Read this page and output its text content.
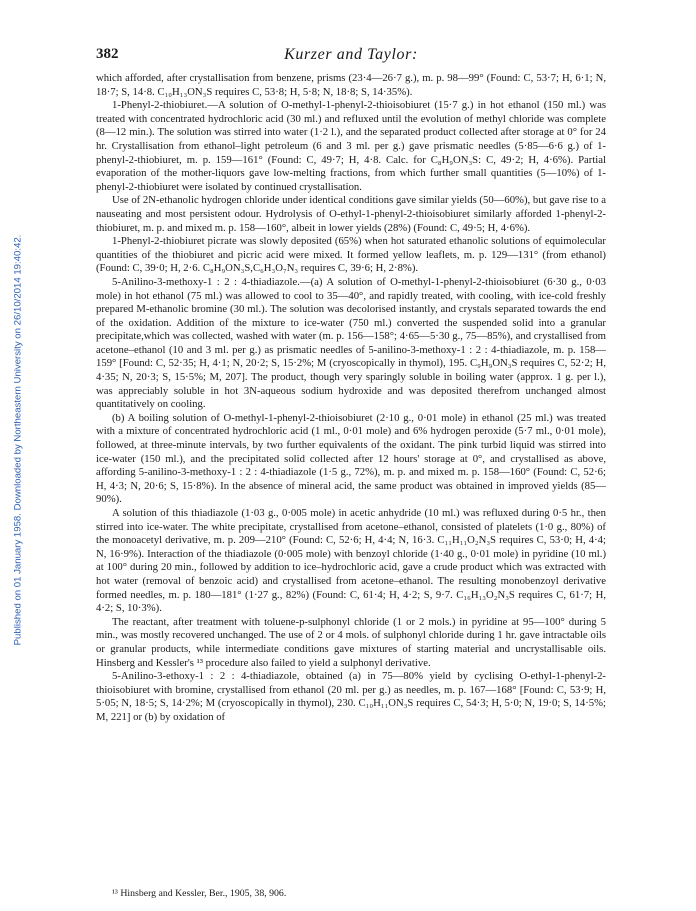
382	Kurzer and Taylor:
Published on 01 January 1958. Downloaded by Northeastern University on 26/10/2014 19:40:42.

which afforded, after crystallisation from benzene, prisms (23·4—26·7 g.), m. p. 98—99° (Found: C, 53·7; H, 6·1; N, 18·7; S, 14·8. C₁₀H₁₃ON₃S requires C, 53·8; H, 5·8; N, 18·8; S, 14·35%).

1-Phenyl-2-thiobiuret.—A solution of O-methyl-1-phenyl-2-thioisobiuret (15·7 g.) in hot ethanol (150 ml.) was treated with concentrated hydrochloric acid (30 ml.) and refluxed until the evolution of methyl chloride was complete (8—12 min.). The solution was stirred into water (1·2 l.), and the separated product collected after storage at 0° for 24 hr. Crystallisation from ethanol–light petroleum (6 and 3 ml. per g.) gave prismatic needles (5·85—6·6 g.) of 1-phenyl-2-thiobiuret, m. p. 159—161° (Found: C, 49·7; H, 4·8. Calc. for C₈H₉ON₃S: C, 49·2; H, 4·6%). Partial evaporation of the mother-liquors gave low-melting fractions, from which further small quantities (5—10%) of 1-phenyl-2-thiobiuret were isolated by continued crystallisation.

Use of 2N-ethanolic hydrogen chloride under identical conditions gave similar yields (50—60%), but gave rise to a nauseating and most persistent odour. Hydrolysis of O-ethyl-1-phenyl-2-thioisobiuret similarly afforded 1-phenyl-2-thiobiuret, m. p. and mixed m. p. 158—160°, albeit in lower yields (28%) (Found: C, 49·5; H, 4·6%).

1-Phenyl-2-thiobiuret picrate was slowly deposited (65%) when hot saturated ethanolic solutions of equimolecular quantities of the thiobiuret and picric acid were mixed. It formed yellow leaflets, m. p. 129—131° (from ethanol) (Found: C, 39·0; H, 2·6. C₈H₉ON₃S,C₆H₃O₇N₃ requires C, 39·6; H, 2·8%).

5-Anilino-3-methoxy-1 : 2 : 4-thiadiazole.—(a) A solution of O-methyl-1-phenyl-2-thioisobiuret (6·30 g., 0·03 mole) in hot ethanol (75 ml.) was allowed to cool to 35—40°, and rapidly treated, with cooling, with ice-cold freshly prepared M-ethanolic bromine (30 ml.). The solution was decolorised instantly, and crystals separated towards the end of the oxidation. Addition of the mixture to ice-water (750 ml.) converted the suspended solid into a granular precipitate,which was collected, washed with water (m. p. 156—158°; 4·65—5·30 g., 75—85%), and crystallised from acetone–ethanol (10 and 3 ml. per g.) as prismatic needles of 5-anilino-3-methoxy-1 : 2 : 4-thiadiazole, m. p. 158—159° [Found: C, 52·35; H, 4·1; N, 20·2; S, 15·2%; M (cryoscopically in thymol), 195. C₉H₉ON₃S requires C, 52·2; H, 4·35; N, 20·3; S, 15·5%; M, 207]. The product, though very sparingly soluble in boiling water (approx. 1 g. per l.), was appreciably soluble in hot 3N-aqueous sodium hydroxide and was deposited therefrom unchanged almost quantitatively on cooling.

(b) A boiling solution of O-methyl-1-phenyl-2-thioisobiuret (2·10 g., 0·01 mole) in ethanol (25 ml.) was treated with a mixture of concentrated hydrochloric acid (1 ml., 0·01 mole) and 6% hydrogen peroxide (5·7 ml., 0·01 mole), followed, at three-minute intervals, by two further equivalents of the oxidant. The pink turbid liquid was stirred into ice-water (150 ml.), and the precipitated solid collected after 12 hours' storage at 0°, and crystallised as above, affording 5-anilino-3-methoxy-1 : 2 : 4-thiadiazole (1·5 g., 72%), m. p. and mixed m. p. 158—160° (Found: C, 52·6; H, 4·3; N, 20·6; S, 15·8%). In the absence of mineral acid, the same product was obtained in improved yields (85—90%).

A solution of this thiadiazole (1·03 g., 0·005 mole) in acetic anhydride (10 ml.) was refluxed during 0·5 hr., then stirred into ice-water. The white precipitate, crystallised from acetone–ethanol, consisted of platelets (1·0 g., 80%) of the monoacetyl derivative, m. p. 209—210° (Found: C, 52·6; H, 4·4; N, 16·3. C₁₁H₁₁O₂N₃S requires C, 53·0; H, 4·4; N, 16·9%). Interaction of the thiadiazole (0·005 mole) with benzoyl chloride (1·40 g., 0·01 mole) in pyridine (10 ml.) at 100° during 20 min., followed by addition to ice–hydrochloric acid, gave a crude product which was extracted with hot water (removal of benzoic acid) and crystallised from acetone–ethanol. The resulting monobenzoyl derivative formed needles, m. p. 180—181° (1·27 g., 82%) (Found: C, 61·4; H, 4·2; S, 9·7. C₁₆H₁₃O₂N₃S requires C, 61·7; H, 4·2; S, 10·3%).

The reactant, after treatment with toluene-p-sulphonyl chloride (1 or 2 mols.) in pyridine at 95—100° during 5 min., was mostly recovered unchanged. The use of 2 or 4 mols. of sulphonyl chloride during 1 hr. gave intractable oils or granular products, while intermediate conditions gave mixtures of starting material and uncrystallisable oils. Hinsberg and Kessler's ¹³ procedure also failed to yield a sulphonyl derivative.

5-Anilino-3-ethoxy-1 : 2 : 4-thiadiazole, obtained (a) in 75—80% yield by cyclising O-ethyl-1-phenyl-2-thioisobiuret with bromine, crystallised from ethanol (20 ml. per g.) as needles, m. p. 167—168° [Found: C, 53·9; H, 5·05; N, 18·5; S, 14·2%; M (cryoscopically in thymol), 230. C₁₀H₁₁ON₃S requires C, 54·3; H, 5·0; N, 19·0; S, 14·5%; M, 221] or (b) by oxidation of

¹³ Hinsberg and Kessler, Ber., 1905, 38, 906.
